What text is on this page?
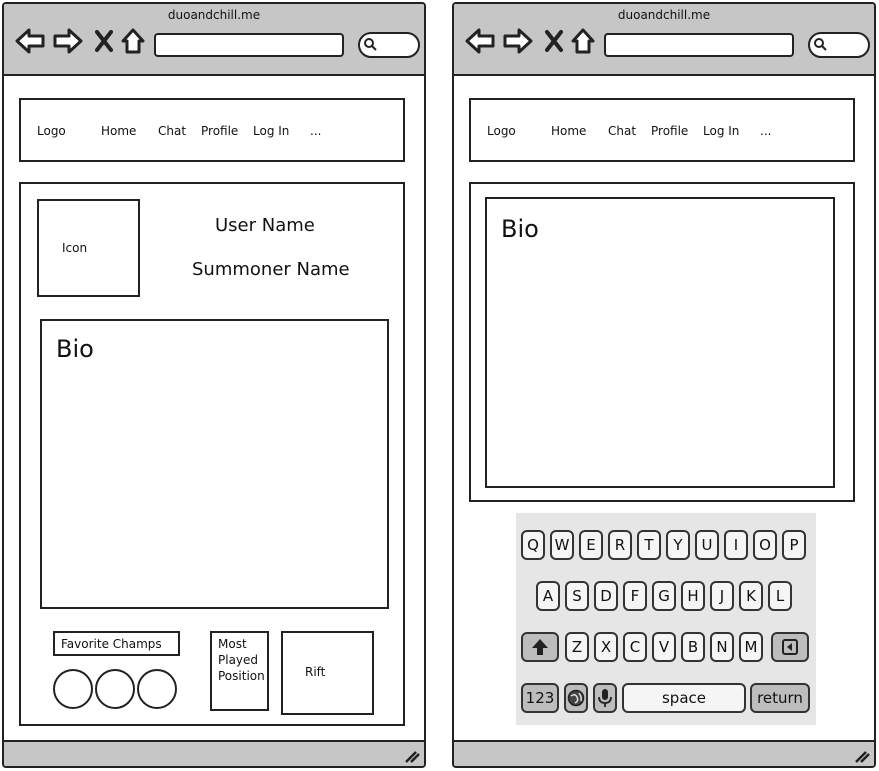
duoandchill.me
Logo	Home Chat Profile Log In ...
Icon
User Name
Summoner Name
Bio
Favorite Champs	Most
Played
Position	Rift
duoandchill.me
Logo	Home Chat Profile Log In ...
Bio
Q	W	E	R	T	Y	U	I	O	P
A	S	D	F	G	H	J	K	L
Z	X	C	V	B	N	M
123	space	return
